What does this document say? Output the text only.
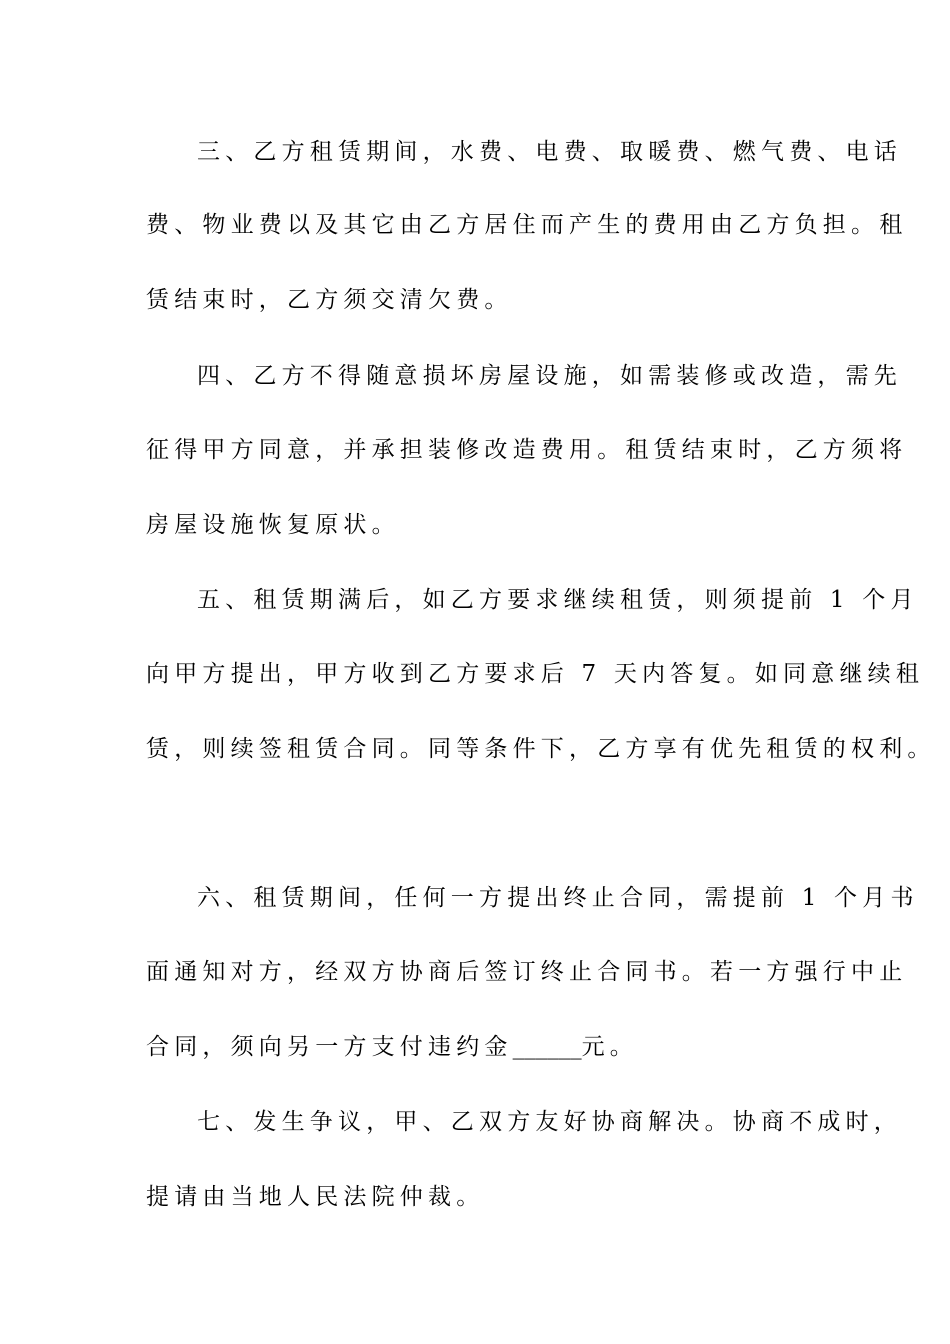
三、乙方租赁期间，水费、电费、取暖费、燃气费、电话
费、物业费以及其它由乙方居住而产生的费用由乙方负担。租
赁结束时，乙方须交清欠费。
四、乙方不得随意损坏房屋设施，如需装修或改造，需先
征得甲方同意，并承担装修改造费用。租赁结束时，乙方须将
房屋设施恢复原状。
五、租赁期满后，如乙方要求继续租赁，则须提前 1 个月
向甲方提出，甲方收到乙方要求后 7 天内答复。如同意继续租
赁，则续签租赁合同。同等条件下，乙方享有优先租赁的权利。
六、租赁期间，任何一方提出终止合同，需提前 1 个月书
面通知对方，经双方协商后签订终止合同书。若一方强行中止
合同，须向另一方支付违约金______元。
七、发生争议，甲、乙双方友好协商解决。协商不成时，
提请由当地人民法院仲裁。
